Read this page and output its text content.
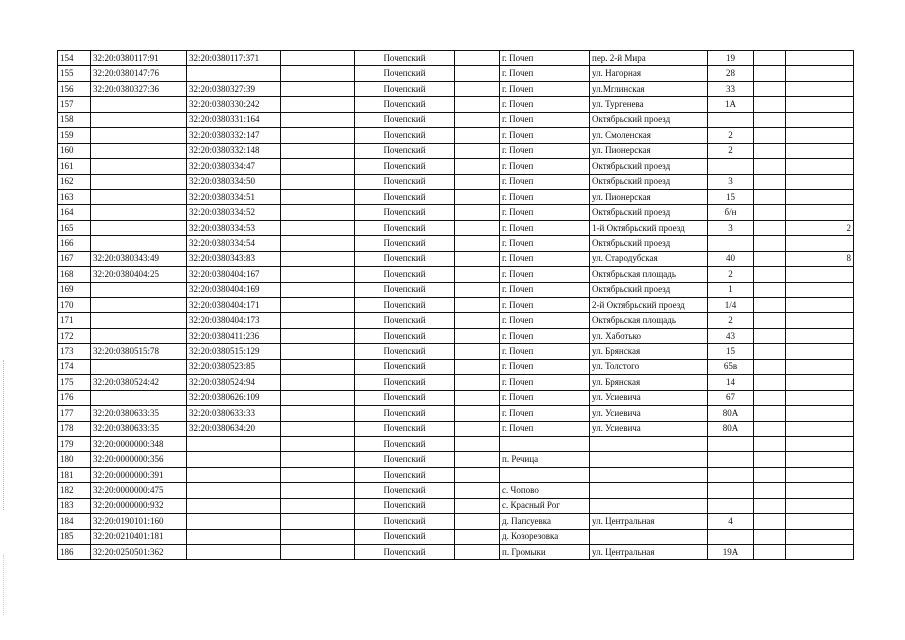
154	32:20:0380117:91	32:20:0380117:371		Почепский		г. Почеп	пер. 2-й Мира	19		
155	32:20:0380147:76			Почепский		г. Почеп	ул. Нагорная	28		
156	32:20:0380327:36	32:20:0380327:39		Почепский		г. Почеп	ул.Мглинская	33		
157		32:20:0380330:242		Почепский		г. Почеп	ул. Тургенева	1А		
158		32:20:0380331:164		Почепский		г. Почеп	Октябрьский проезд			
159		32:20:0380332:147		Почепский		г. Почеп	ул. Смоленская	2		
160		32:20:0380332:148		Почепский		г. Почеп	ул. Пионерская	2		
161		32:20:0380334:47		Почепский		г. Почеп	Октябрьский проезд			
162		32:20:0380334:50		Почепский		г. Почеп	Октябрьский проезд	3		
163		32:20:0380334:51		Почепский		г. Почеп	ул. Пионерская	15		
164		32:20:0380334:52		Почепский		г. Почеп	Октябрьский проезд	б/н		
165		32:20:0380334:53		Почепский		г. Почеп	1-й Октябрьский проезд	3		2
166		32:20:0380334:54		Почепский		г. Почеп	Октябрьский проезд			
167	32:20:0380343:49	32:20:0380343:83		Почепский		г. Почеп	ул. Стародубская	40		8
168	32:20:0380404:25	32:20:0380404:167		Почепский		г. Почеп	Октябрьская площадь	2		
169		32:20:0380404:169		Почепский		г. Почеп	Октябрьский проезд	1		
170		32:20:0380404:171		Почепский		г. Почеп	2-й Октябрьский проезд	1/4		
171		32:20:0380404:173		Почепский		г. Почеп	Октябрьская площадь	2		
172		32:20:0380411:236		Почепский		г. Почеп	ул. Хаботько	43		
173	32:20:0380515:78	32:20:0380515:129		Почепский		г. Почеп	ул. Брянская	15		
174		32:20:0380523:85		Почепский		г. Почеп	ул. Толстого	65в		
175	32:20:0380524:42	32:20:0380524:94		Почепский		г. Почеп	ул. Брянская	14		
176		32:20:0380626:109		Почепский		г. Почеп	ул. Усиевича	67		
177	32:20:0380633:35	32:20:0380633:33		Почепский		г. Почеп	ул. Усиевича	80А		
178	32:20:0380633:35	32:20:0380634:20		Почепский		г. Почеп	ул. Усиевича	80А		
179	32:20:0000000:348			Почепский						
180	32:20:0000000:356			Почепский		п. Речица				
181	32:20:0000000:391			Почепский						
182	32:20:0000000:475			Почепский		с. Чопово				
183	32:20:0000000:932			Почепский		с. Красный Рог				
184	32:20:0190101:160			Почепский		д. Папсуевка	ул. Центральная	4		
185	32:20:0210401:181			Почепский		д. Козорезовка				
186	32:20:0250501:362			Почепский		п. Громыки	ул. Центральная	19А		
